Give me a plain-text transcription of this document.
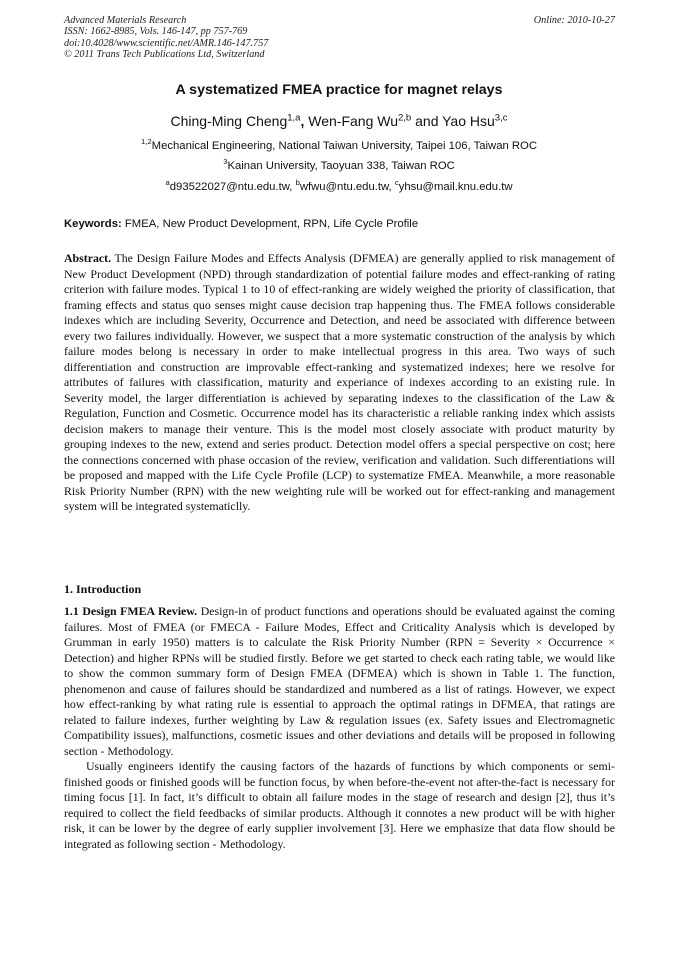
Advanced Materials Research
ISSN: 1662-8985, Vols. 146-147, pp 757-769
doi:10.4028/www.scientific.net/AMR.146-147.757
© 2011 Trans Tech Publications Ltd, Switzerland
Online: 2010-10-27
A systematized FMEA practice for magnet relays
Ching-Ming Cheng$^{1,a}$, Wen-Fang Wu$^{2,b}$ and Yao Hsu$^{3,c}$
$^{1,2}$Mechanical Engineering, National Taiwan University, Taipei 106, Taiwan ROC
$^3$Kainan University, Taoyuan 338, Taiwan ROC
$^a$d93522027@ntu.edu.tw, $^b$wfwu@ntu.edu.tw, $^c$yhsu@mail.knu.edu.tw
Keywords: FMEA, New Product Development, RPN, Life Cycle Profile
Abstract. The Design Failure Modes and Effects Analysis (DFMEA) are generally applied to risk management of New Product Development (NPD) through standardization of potential failure modes and effect-ranking of rating criterion with failure modes. Typical 1 to 10 of effect-ranking are widely weighed the priority of classification, that framing effects and status quo senses might cause decision trap happening thus. The FMEA follows considerable indexes which are including Severity, Occurrence and Detection, and need be associated with difference between every two failures individually. However, we suspect that a more systematic construction of the analysis by which failure modes belong is necessary in order to make intellectual progress in this area. Two ways of such differentiation and construction are improvable effect-ranking and systematized indexes; here we resolve for attributes of failures with classification, maturity and experiance of indexes according to an existing rule. In Severity model, the larger differentiation is achieved by separating indexes to the classification of the Law & Regulation, Function and Cosmetic. Occurrence model has its characteristic a reliable ranking index which assists decision makers to manage their venture. This is the model most closely associate with product maturity by grouping indexes to the new, extend and series product. Detection model offers a special perspective on cost; here the connections concerned with phase occasion of the review, verification and validation. Such differentiations will be proposed and mapped with the Life Cycle Profile (LCP) to systematize FMEA. Meanwhile, a more reasonable Risk Priority Number (RPN) with the new weighting rule will be worked out for effect-ranking and management system will be integrated systematiclly.
1. Introduction

1.1 Design FMEA Review. Design-in of product functions and operations should be evaluated against the coming failures. Most of FMEA (or FMECA - Failure Modes, Effect and Criticality Analysis which is developed by Grumman in early 1950) matters is to calculate the Risk Priority Number (RPN = Severity × Occurrence × Detection) and higher RPNs will be studied firstly. Before we get started to check each rating table, we would like to show the common summary form of Design FMEA (DFMEA) which is shown in Table 1. The function, phenomenon and cause of failures should be standardized and numbered as a list of ratings. However, we expect how effect-ranking by what rating rule is essential to approach the optimal ratings in DFMEA, that ratings are related to failure indexes, further weighting by Law & regulation issues (ex. Safety issues and Electromagnetic Compatibility issues), malfunctions, cosmetic issues and other deviations and details will be proposed in following section - Methodology.

Usually engineers identify the causing factors of the hazards of functions by which components or semi-finished goods or finished goods will be function focus, by when before-the-event not after-the-fact is necessary for timing focus [1]. In fact, it’s difficult to obtain all failure modes in the stage of research and design [2], thus it’s required to collect the field feedbacks of similar products. Although it connotes a new product will be with higher risk, it can be lower by the degree of early supplier involvement [3]. Here we emphasize that data flow should be integrated as following section - Methodology.
